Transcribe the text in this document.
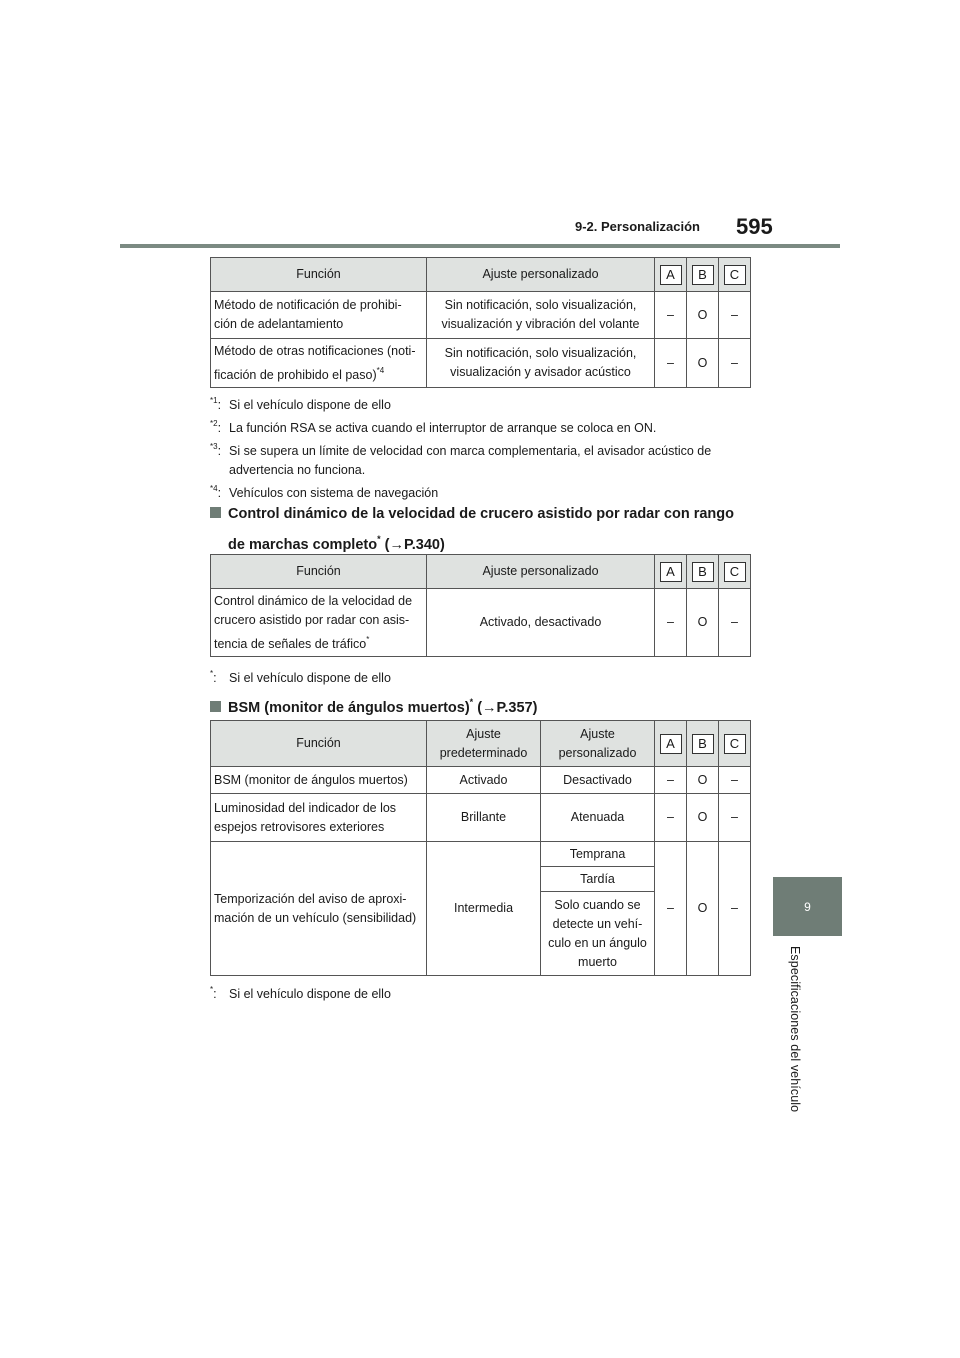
9-2. Personalización 595
9
Especificaciones del vehículo
Función	Ajuste personalizado	A	B	C
Método de notificación de prohibi-
ción de adelantamiento	Sin notificación, solo visualización,
visualización y vibración del volante	–	O	–
Método de otras notificaciones (noti-
ficación de prohibido el paso)$^{*4}$	Sin notificación, solo visualización,
visualización y avisador acústico	–	O	–
$^{*1}$: Si el vehículo dispone de ello
$^{*2}$: La función RSA se activa cuando el interruptor de arranque se coloca en ON.
$^{*3}$: Si se supera un límite de velocidad con marca complementaria, el avisador acústico de
advertencia no funciona.
$^{*4}$: Vehículos con sistema de navegación
Control dinámico de la velocidad de crucero asistido por radar con rango
de marchas completo* (→P.340)
Función	Ajuste personalizado	A	B	C
Control dinámico de la velocidad de
crucero asistido por radar con asis-
tencia de señales de tráfico*	Activado, desactivado	–	O	–
*: Si el vehículo dispone de ello
BSM (monitor de ángulos muertos)* (→P.357)
Función	Ajuste
predeterminado	Ajuste
personalizado	A	B	C
BSM (monitor de ángulos muertos)	Activado	Desactivado	–	O	–
Luminosidad del indicador de los
espejos retrovisores exteriores	Brillante	Atenuada	–	O	–
Temporización del aviso de aproxi-
mación de un vehículo (sensibilidad)	Intermedia	Temprana	–	O	–
		Tardía			
		Solo cuando se
detecte un vehí-
culo en un ángulo
muerto			
*: Si el vehículo dispone de ello
